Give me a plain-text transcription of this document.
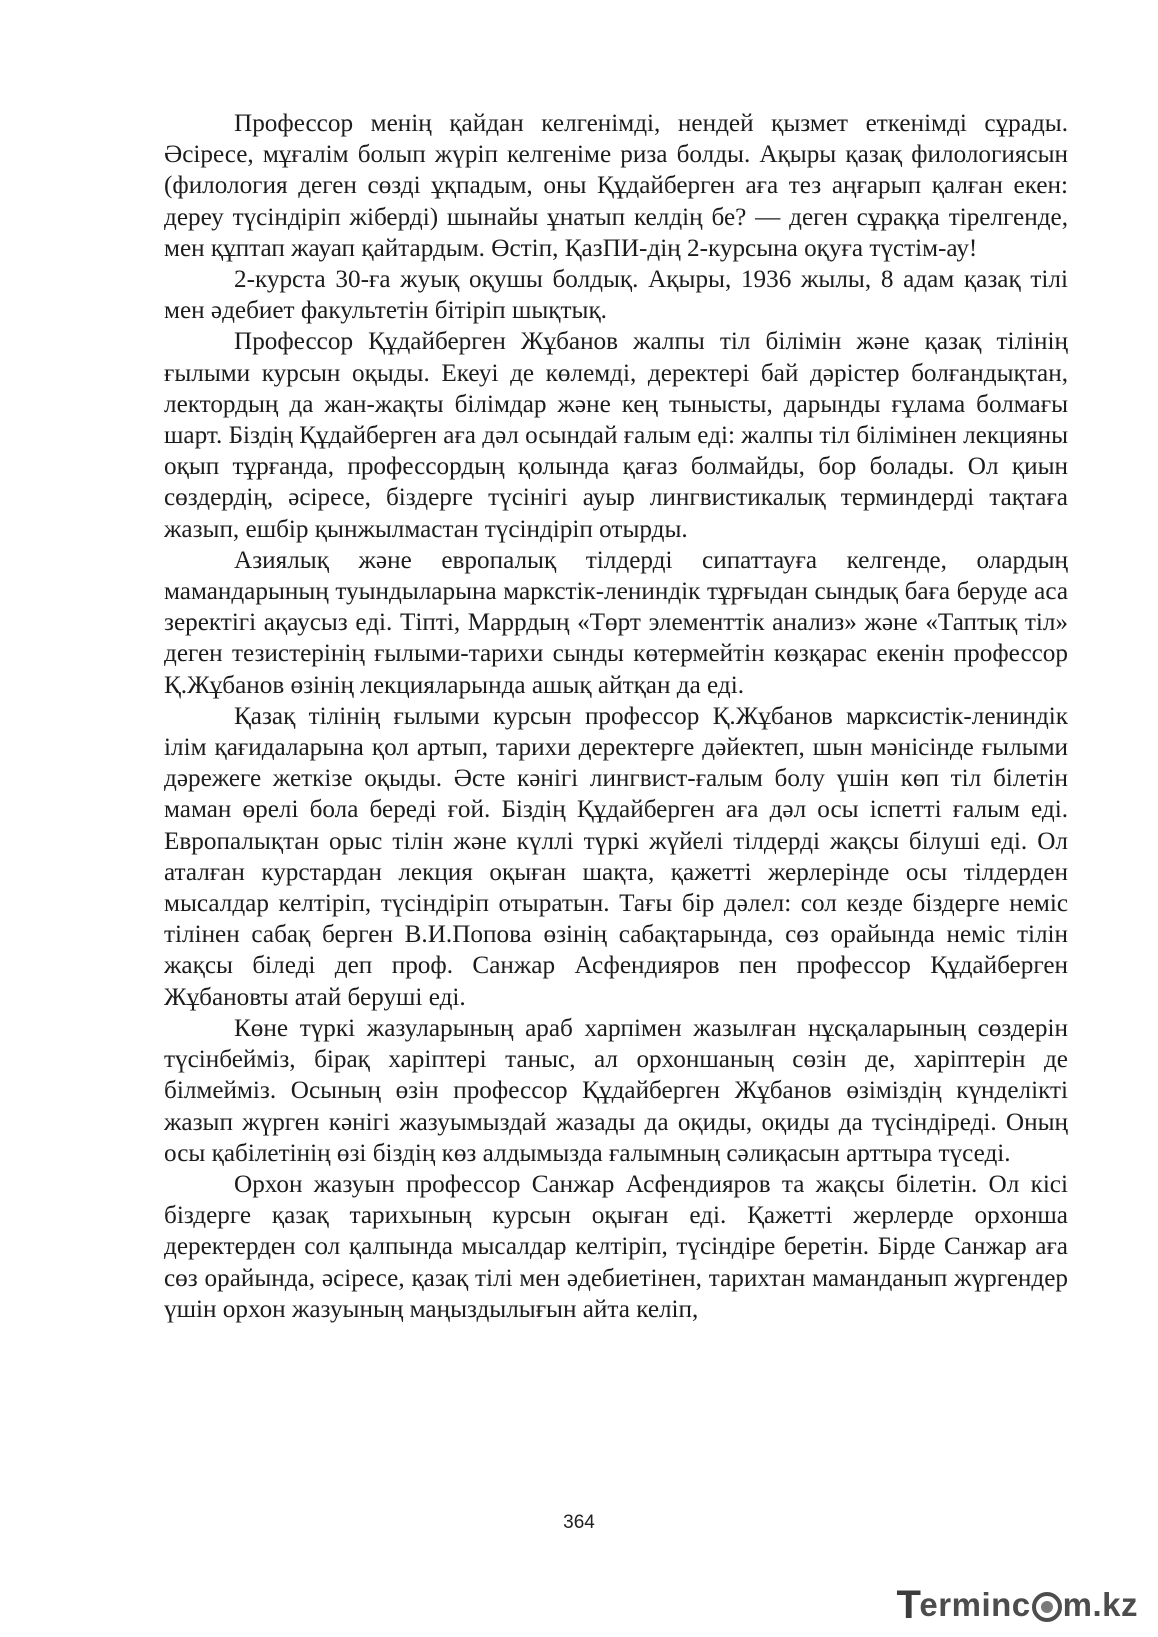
Профессор менің қайдан келгенімді, нендей қызмет еткенімді сұрады. Әсіресе, мұғалім болып жүріп келгеніме риза болды. Ақыры қазақ филологиясын (филология деген сөзді ұқпадым, оны Құдайберген аға тез аңғарып қалған екен: дереу түсіндіріп жіберді) шынайы ұнатып келдің бе? — деген сұраққа тірелгенде, мен құптап жауап қайтардым. Өстіп, ҚазПИ-дің 2-курсына оқуға түстім-ау!

2-курста 30-ға жуық оқушы болдық. Ақыры, 1936 жылы, 8 адам қазақ тілі мен әдебиет факультетін бітіріп шықтық.

Профессор Құдайберген Жұбанов жалпы тіл білімін және қазақ тілінің ғылыми курсын оқыды. Екеуі де көлемді, деректері бай дәрістер болғандықтан, лектордың да жан-жақты білімдар және кең тынысты, дарынды ғұлама болмағы шарт. Біздің Құдайберген аға дәл осындай ғалым еді: жалпы тіл білімінен лекцияны оқып тұрғанда, профессордың қолында қағаз болмайды, бор болады. Ол қиын сөздердің, әсіресе, біздерге түсінігі ауыр лингвистикалық терминдерді тақтаға жазып, ешбір қынжылмастан түсіндіріп отырды.

Азиялық және европалық тілдерді сипаттауға келгенде, олардың мамандарының туындыларына маркстік-лениндік тұрғыдан сындық баға беруде аса зеректігі ақаусыз еді. Тіпті, Маррдың «Төрт элементтік анализ» және «Таптық тіл» деген тезистерінің ғылыми-тарихи сынды көтермейтін көзқарас екенін профессор Қ.Жұбанов өзінің лекцияларында ашық айтқан да еді.

Қазақ тілінің ғылыми курсын профессор Қ.Жұбанов марксистік-лениндік ілім қағидаларына қол артып, тарихи деректерге дәйектеп, шын мәнісінде ғылыми дәрежеге жеткізе оқыды. Әсте кәнігі лингвист-ғалым болу үшін көп тіл білетін маман өрелі бола береді ғой. Біздің Құдайберген аға дәл осы іспетті ғалым еді. Европалықтан орыс тілін және күллі түркі жүйелі тілдерді жақсы білуші еді. Ол аталған курстардан лекция оқыған шақта, қажетті жерлерінде осы тілдерден мысалдар келтіріп, түсіндіріп отыратын. Тағы бір дәлел: сол кезде біздерге неміс тілінен сабақ берген В.И.Попова өзінің сабақтарында, сөз орайында неміс тілін жақсы біледі деп проф. Санжар Асфендияров пен профессор Құдайберген Жұбановты атай беруші еді.

Көне түркі жазуларының араб харпімен жазылған нұсқаларының сөздерін түсінбейміз, бірақ харіптері таныс, ал орхоншаның сөзін де, харіптерін де білмейміз. Осының өзін профессор Құдайберген Жұбанов өзіміздің күнделікті жазып жүрген кәнігі жазуымыздай жазады да оқиды, оқиды да түсіндіреді. Оның осы қабілетінің өзі біздің көз алдымызда ғалымның сәлиқасын арттыра түседі.

Орхон жазуын профессор Санжар Асфендияров та жақсы білетін. Ол кісі біздерге қазақ тарихының курсын оқыған еді. Қажетті жерлерде орхонша деректерден сол қалпында мысалдар келтіріп, түсіндіре беретін. Бірде Санжар аға сөз орайында, әсіресе, қазақ тілі мен әдебиетінен, тарихтан маманданып жүргендер үшін орхон жазуының маңыздылығын айта келіп,

364
T
erminc m.kz
